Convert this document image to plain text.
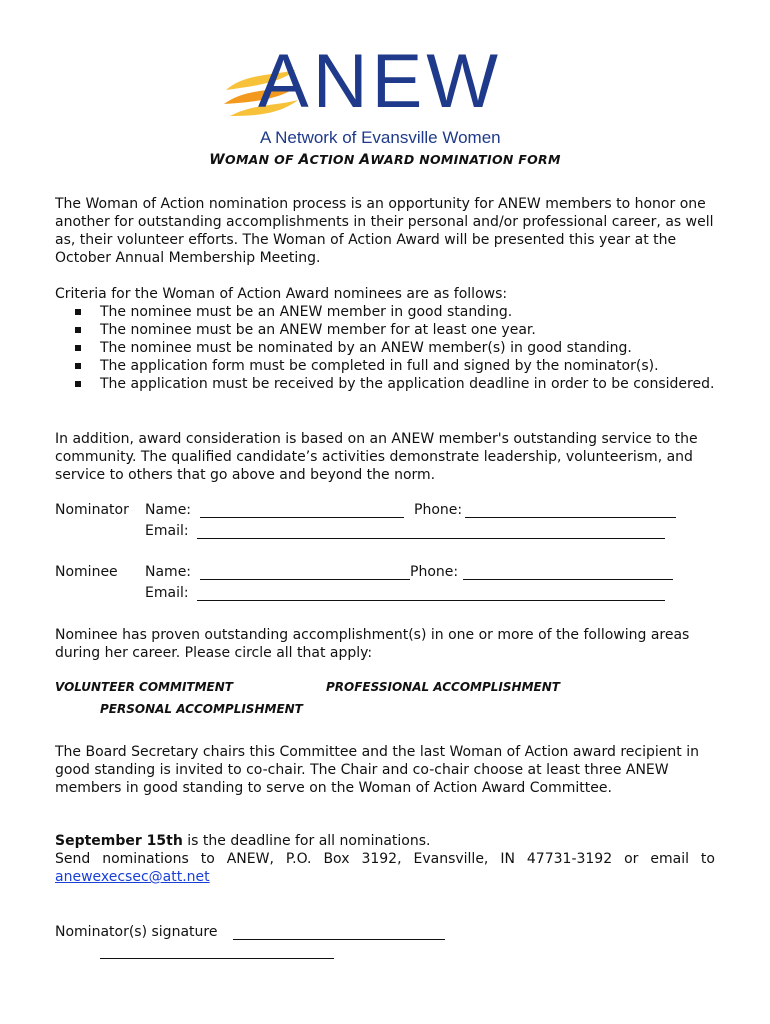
ANEW
A Network of Evansville Women
WOMAN OF ACTION AWARD NOMINATION FORM
The Woman of Action nomination process is an opportunity for ANEW members to honor one another for outstanding accomplishments in their personal and/or professional career, as well as, their volunteer efforts. The Woman of Action Award will be presented this year at the October Annual Membership Meeting.
Criteria for the Woman of Action Award nominees are as follows:
The nominee must be an ANEW member in good standing.
The nominee must be an ANEW member for at least one year.
The nominee must be nominated by an ANEW member(s) in good standing.
The application form must be completed in full and signed by the nominator(s).
The application must be received by the application deadline in order to be considered.
In addition, award consideration is based on an ANEW member's outstanding service to the community. The qualified candidate’s activities demonstrate leadership, volunteerism, and service to others that go above and beyond the norm.
Nominator Name:	Phone:
Email:
Nominee Name:	Phone:
Email:
Nominee has proven outstanding accomplishment(s) in one or more of the following areas during her career. Please circle all that apply:
VOLUNTEER COMMITMENT	PROFESSIONAL ACCOMPLISHMENT
PERSONAL ACCOMPLISHMENT
The Board Secretary chairs this Committee and the last Woman of Action award recipient in good standing is invited to co-chair. The Chair and co-chair choose at least three ANEW members in good standing to serve on the Woman of Action Award Committee.
September 15th is the deadline for all nominations.
Send nominations to ANEW, P.O. Box 3192, Evansville, IN 47731-3192 or email to
anewexecsec@att.net
Nominator(s) signature
